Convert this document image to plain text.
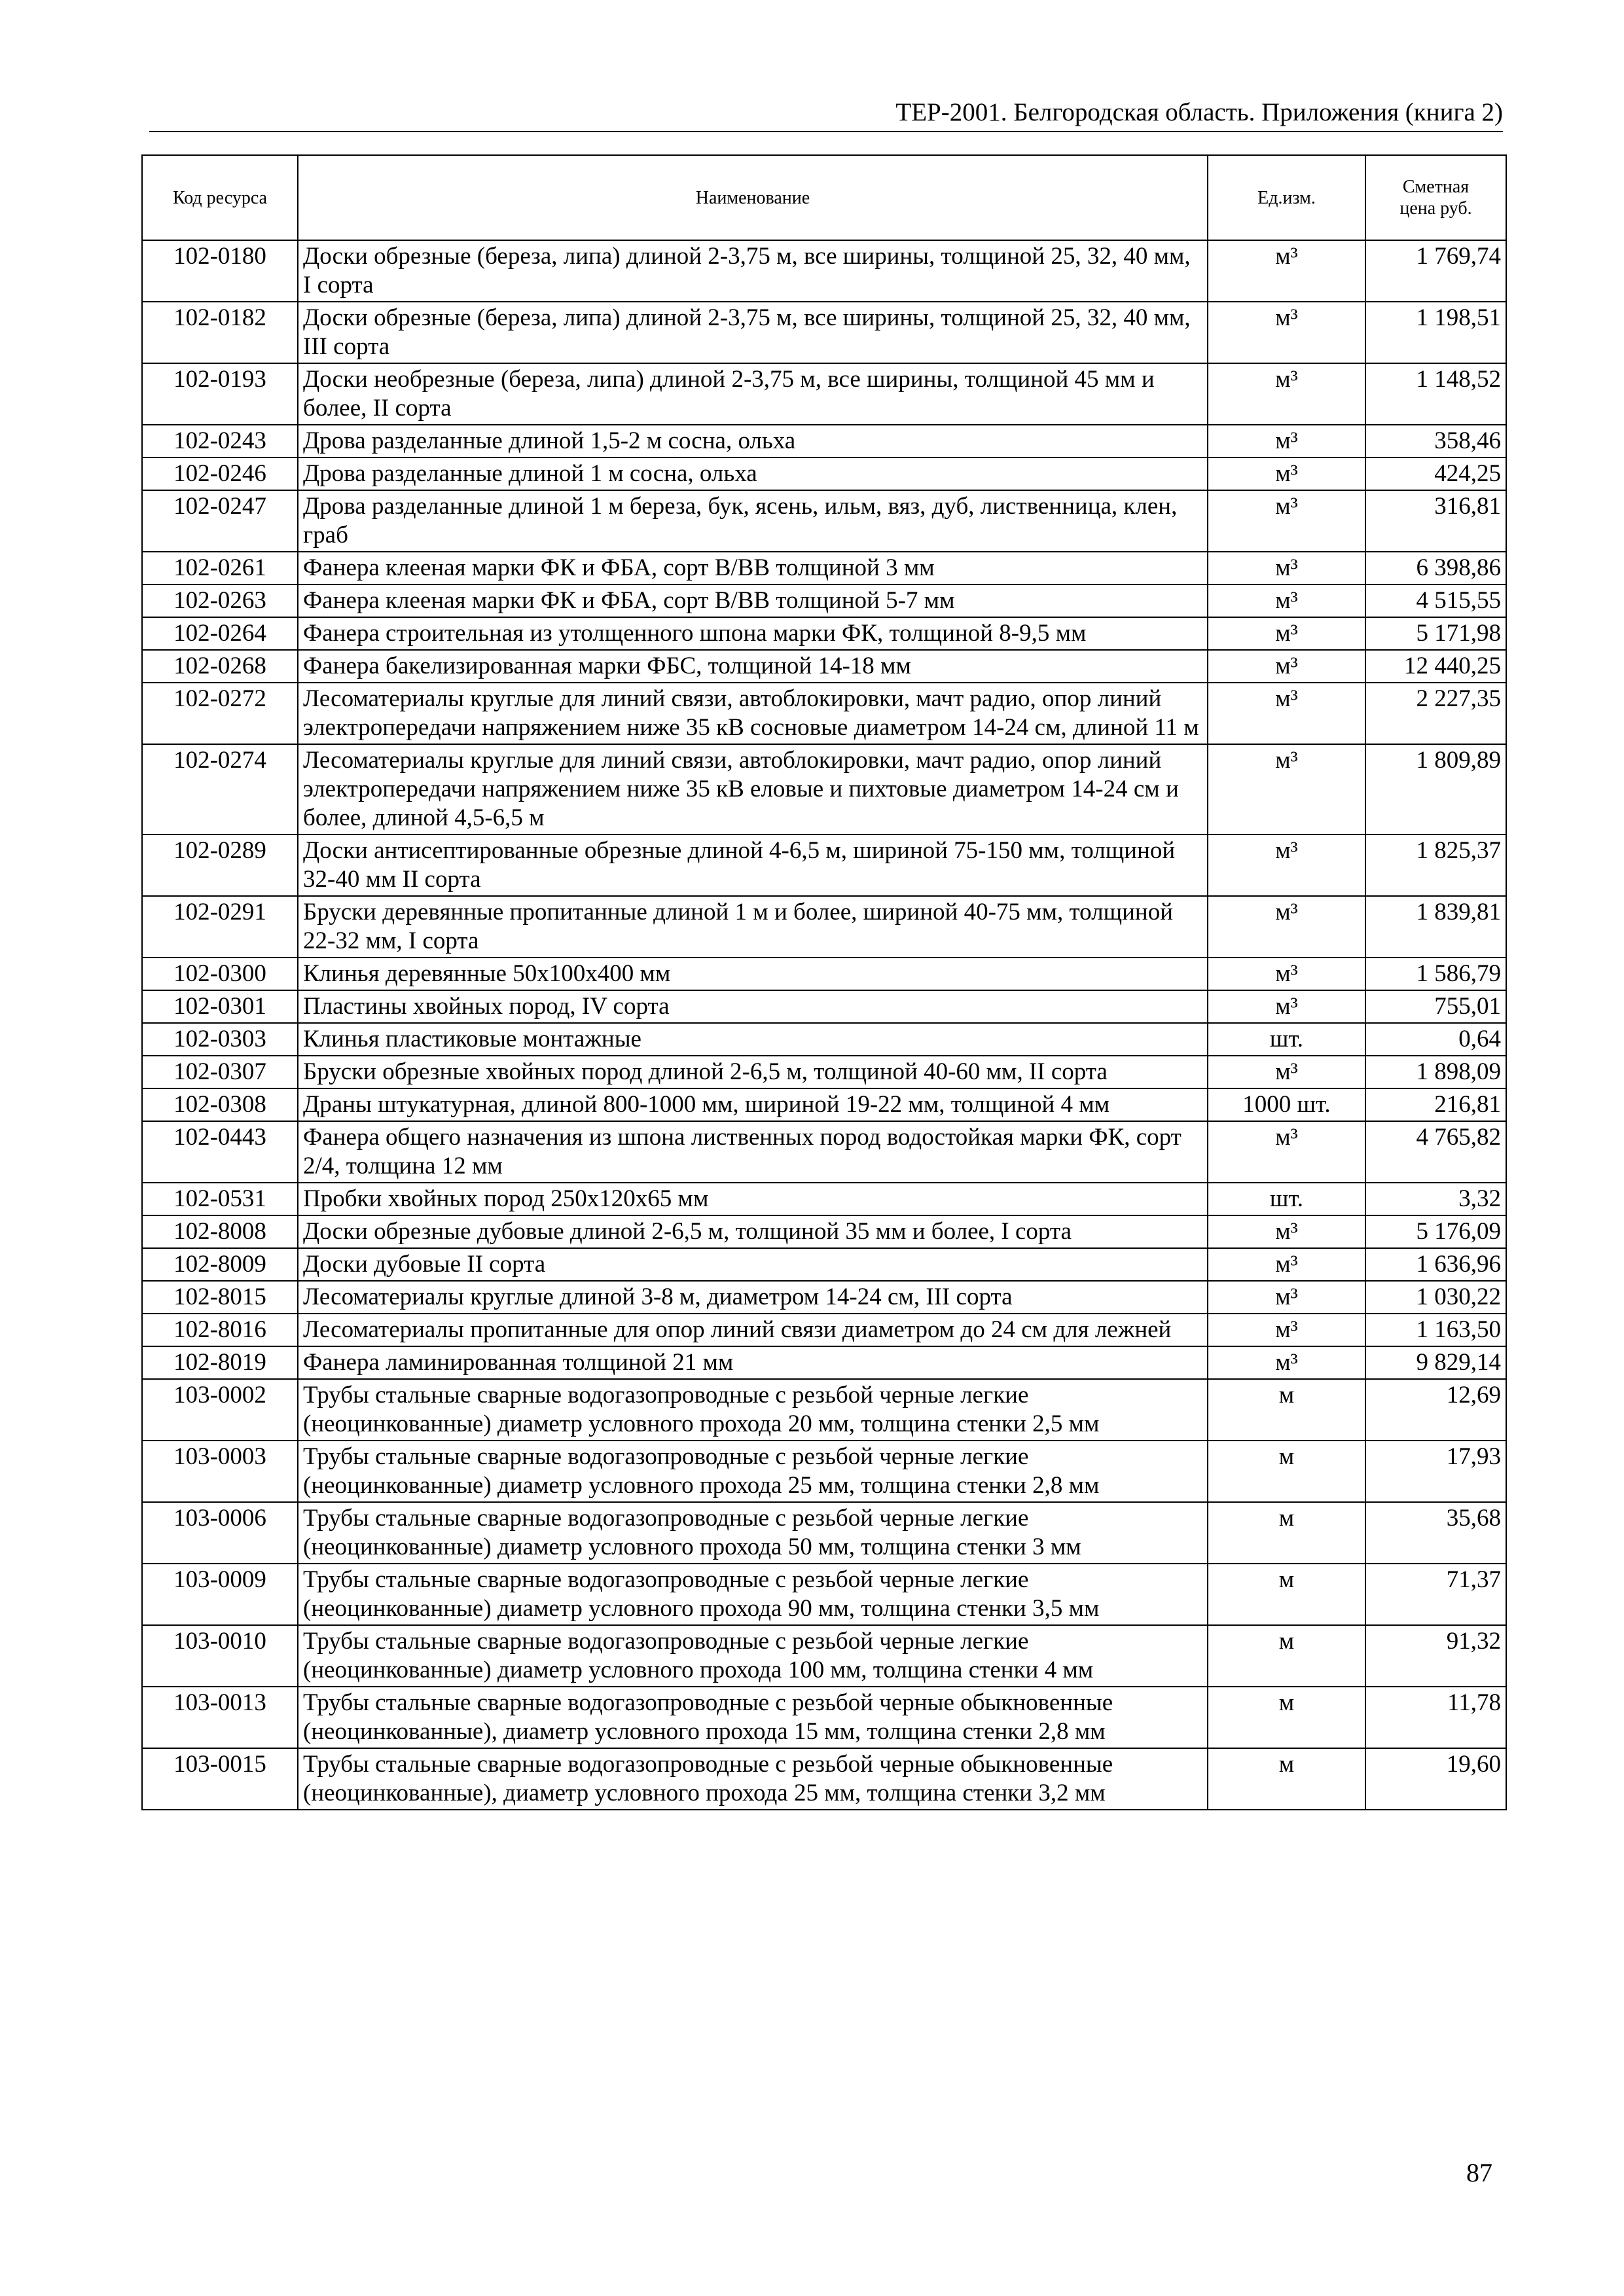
ТЕР-2001. Белгородская область. Приложения (книга 2)
Код ресурса	Наименование	Ед.изм.	Сметная цена руб.
102-0180	Доски обрезные (береза, липа) длиной 2-3,75 м, все ширины, толщиной 25, 32, 40 мм, I сорта	м³	1 769,74
102-0182	Доски обрезные (береза, липа) длиной 2-3,75 м, все ширины, толщиной 25, 32, 40 мм, III сорта	м³	1 198,51
102-0193	Доски необрезные (береза, липа) длиной 2-3,75 м, все ширины, толщиной 45 мм и более, II сорта	м³	1 148,52
102-0243	Дрова разделанные длиной 1,5-2 м сосна, ольха	м³	358,46
102-0246	Дрова разделанные длиной 1 м сосна, ольха	м³	424,25
102-0247	Дрова разделанные длиной 1 м береза, бук, ясень, ильм, вяз, дуб, лиственница, клен, граб	м³	316,81
102-0261	Фанера клееная марки ФК и ФБА, сорт В/ВВ толщиной 3 мм	м³	6 398,86
102-0263	Фанера клееная марки ФК и ФБА, сорт В/ВВ толщиной 5-7 мм	м³	4 515,55
102-0264	Фанера строительная из утолщенного шпона марки ФК, толщиной 8-9,5 мм	м³	5 171,98
102-0268	Фанера бакелизированная марки ФБС, толщиной 14-18 мм	м³	12 440,25
102-0272	Лесоматериалы круглые для линий связи, автоблокировки, мачт радио, опор линий электропередачи напряжением ниже 35 кВ сосновые диаметром 14-24 см, длиной 11 м	м³	2 227,35
102-0274	Лесоматериалы круглые для линий связи, автоблокировки, мачт радио, опор линий электропередачи напряжением ниже 35 кВ еловые и пихтовые диаметром 14-24 см и более, длиной 4,5-6,5 м	м³	1 809,89
102-0289	Доски антисептированные обрезные длиной 4-6,5 м, шириной 75-150 мм, толщиной 32-40 мм II сорта	м³	1 825,37
102-0291	Бруски деревянные пропитанные длиной 1 м и более, шириной 40-75 мм, толщиной 22-32 мм, I сорта	м³	1 839,81
102-0300	Клинья деревянные 50х100х400 мм	м³	1 586,79
102-0301	Пластины хвойных пород, IV сорта	м³	755,01
102-0303	Клинья пластиковые монтажные	шт.	0,64
102-0307	Бруски обрезные хвойных пород длиной 2-6,5 м, толщиной 40-60 мм, II сорта	м³	1 898,09
102-0308	Драны штукатурная, длиной 800-1000 мм, шириной 19-22 мм, толщиной 4 мм	1000 шт.	216,81
102-0443	Фанера общего назначения из шпона лиственных пород водостойкая марки ФК, сорт 2/4, толщина 12 мм	м³	4 765,82
102-0531	Пробки хвойных пород 250х120х65 мм	шт.	3,32
102-8008	Доски обрезные дубовые длиной 2-6,5 м, толщиной 35 мм и более, I сорта	м³	5 176,09
102-8009	Доски дубовые II сорта	м³	1 636,96
102-8015	Лесоматериалы круглые длиной 3-8 м, диаметром 14-24 см, III сорта	м³	1 030,22
102-8016	Лесоматериалы пропитанные для опор линий связи диаметром до 24 см для лежней	м³	1 163,50
102-8019	Фанера ламинированная толщиной 21 мм	м³	9 829,14
103-0002	Трубы стальные сварные водогазопроводные с резьбой черные легкие (неоцинкованные) диаметр условного прохода 20 мм, толщина стенки 2,5 мм	м	12,69
103-0003	Трубы стальные сварные водогазопроводные с резьбой черные легкие (неоцинкованные) диаметр условного прохода 25 мм, толщина стенки 2,8 мм	м	17,93
103-0006	Трубы стальные сварные водогазопроводные с резьбой черные легкие (неоцинкованные) диаметр условного прохода 50 мм, толщина стенки 3 мм	м	35,68
103-0009	Трубы стальные сварные водогазопроводные с резьбой черные легкие (неоцинкованные) диаметр условного прохода 90 мм, толщина стенки 3,5 мм	м	71,37
103-0010	Трубы стальные сварные водогазопроводные с резьбой черные легкие (неоцинкованные) диаметр условного прохода 100 мм, толщина стенки 4 мм	м	91,32
103-0013	Трубы стальные сварные водогазопроводные с резьбой черные обыкновенные (неоцинкованные), диаметр условного прохода 15 мм, толщина стенки 2,8 мм	м	11,78
103-0015	Трубы стальные сварные водогазопроводные с резьбой черные обыкновенные (неоцинкованные), диаметр условного прохода 25 мм, толщина стенки 3,2 мм	м	19,60
87
